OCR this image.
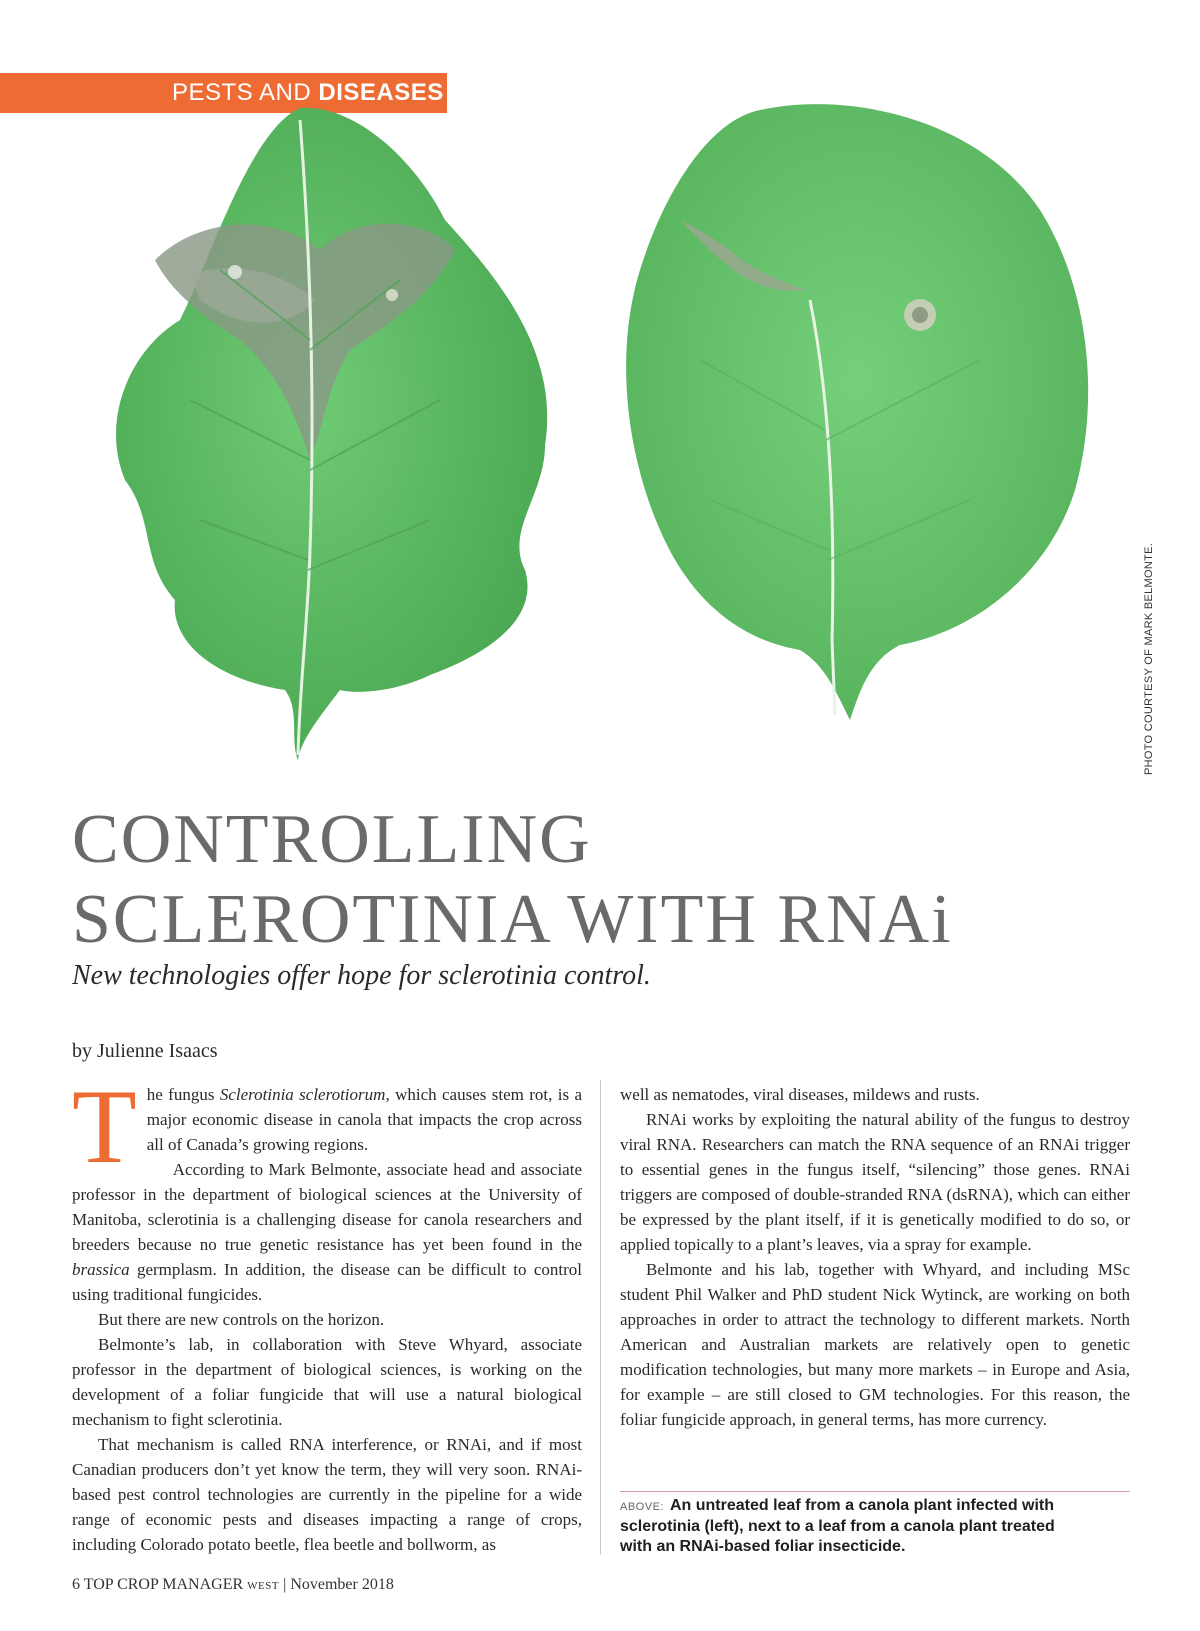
PESTS AND DISEASES
PHOTO COURTESY OF MARK BELMONTE.
CONTROLLING
SCLEROTINIA WITH RNAi

New technologies offer hope for sclerotinia control.

by Julienne Isaacs

The fungus Sclerotinia sclerotiorum, which causes stem rot, is a major economic disease in canola that impacts the crop across all of Canada’s growing regions.

According to Mark Belmonte, associate head and associate professor in the department of biological sciences at the University of Manitoba, sclerotinia is a challenging disease for canola researchers and breeders because no true genetic resistance has yet been found in the brassica germplasm. In addition, the disease can be difficult to control using traditional fungicides.

But there are new controls on the horizon.

Belmonte’s lab, in collaboration with Steve Whyard, associate professor in the department of biological sciences, is working on the development of a foliar fungicide that will use a natural biological mechanism to fight sclerotinia.

That mechanism is called RNA interference, or RNAi, and if most Canadian producers don’t yet know the term, they will very soon. RNAi-based pest control technologies are currently in the pipeline for a wide range of economic pests and diseases impacting a range of crops, including Colorado potato beetle, flea beetle and bollworm, as

well as nematodes, viral diseases, mildews and rusts.

RNAi works by exploiting the natural ability of the fungus to destroy viral RNA. Researchers can match the RNA sequence of an RNAi trigger to essential genes in the fungus itself, “silencing” those genes. RNAi triggers are composed of double-stranded RNA (dsRNA), which can either be expressed by the plant itself, if it is genetically modified to do so, or applied topically to a plant’s leaves, via a spray for example.

Belmonte and his lab, together with Whyard, and including MSc student Phil Walker and PhD student Nick Wytinck, are working on both approaches in order to attract the technology to different markets. North American and Australian markets are relatively open to genetic modification technologies, but many more markets – in Europe and Asia, for example – are still closed to GM technologies. For this reason, the foliar fungicide approach, in general terms, has more currency.

ABOVE: An untreated leaf from a canola plant infected with sclerotinia (left), next to a leaf from a canola plant treated with an RNAi-based foliar insecticide.
6 TOP CROP MANAGER WEST | November 2018
